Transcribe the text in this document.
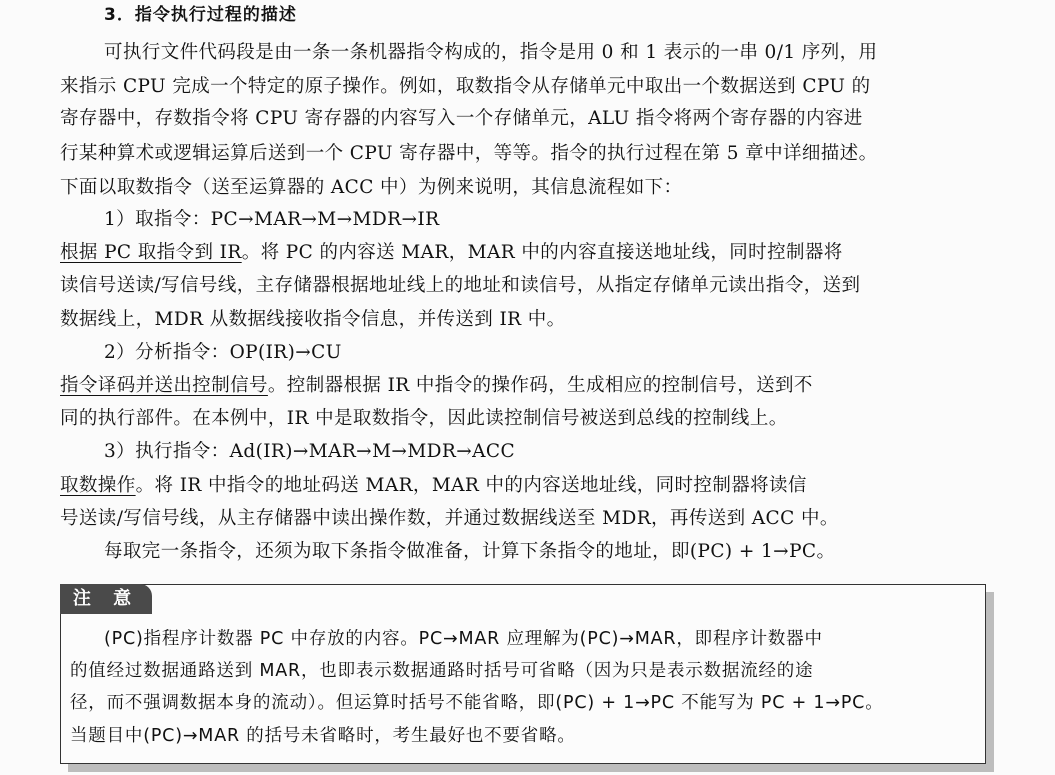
3．指令执行过程的描述
可执行文件代码段是由一条一条机器指令构成的，指令是用 0 和 1 表示的一串 0/1 序列，用
来指示 CPU 完成一个特定的原子操作。例如，取数指令从存储单元中取出一个数据送到 CPU 的
寄存器中，存数指令将 CPU 寄存器的内容写入一个存储单元，ALU 指令将两个寄存器的内容进
行某种算术或逻辑运算后送到一个 CPU 寄存器中，等等。指令的执行过程在第 5 章中详细描述。
下面以取数指令（送至运算器的 ACC 中）为例来说明，其信息流程如下：
1）取指令：PC→MAR→M→MDR→IR
根据 PC 取指令到 IR。将 PC 的内容送 MAR，MAR 中的内容直接送地址线，同时控制器将
读信号送读/写信号线，主存储器根据地址线上的地址和读信号，从指定存储单元读出指令，送到
数据线上，MDR 从数据线接收指令信息，并传送到 IR 中。
2）分析指令：OP(IR)→CU
指令译码并送出控制信号。控制器根据 IR 中指令的操作码，生成相应的控制信号，送到不
同的执行部件。在本例中，IR 中是取数指令，因此读控制信号被送到总线的控制线上。
3）执行指令：Ad(IR)→MAR→M→MDR→ACC
取数操作。将 IR 中指令的地址码送 MAR，MAR 中的内容送地址线，同时控制器将读信
号送读/写信号线，从主存储器中读出操作数，并通过数据线送至 MDR，再传送到 ACC 中。
每取完一条指令，还须为取下条指令做准备，计算下条指令的地址，即(PC) + 1→PC。
注 意
(PC)指程序计数器 PC 中存放的内容。PC→MAR 应理解为(PC)→MAR，即程序计数器中
的值经过数据通路送到 MAR，也即表示数据通路时括号可省略（因为只是表示数据流经的途
径，而不强调数据本身的流动）。但运算时括号不能省略，即(PC) + 1→PC 不能写为 PC + 1→PC。
当题目中(PC)→MAR 的括号未省略时，考生最好也不要省略。
